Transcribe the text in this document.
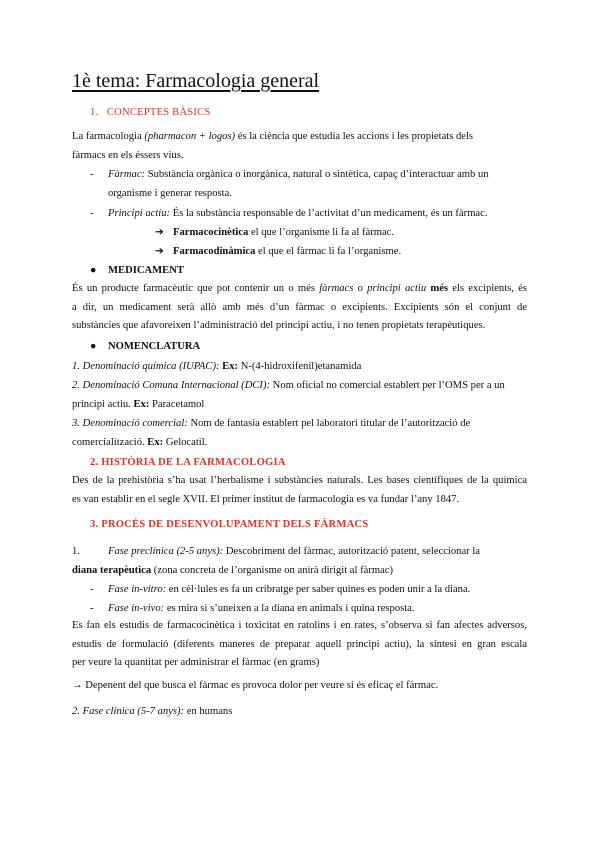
1è tema: Farmacologia general
1. CONCEPTES BÀSICS
La farmacologia (pharmacon + logos) és la ciència que estudia les accions i les propietats dels
fàrmacs en els éssers vius.
- Fàrmac: Substància orgànica o inorgànica, natural o sintètica, capaç d’interactuar amb un
organisme i generar resposta.
- Principi actiu: És la substància responsable de l’activitat d’un medicament, és un fàrmac.
➔ Farmacocinètica el que l’organisme li fa al fàrmac.
➔ Farmacodinàmica el que el fàrmac li fa l’organisme.
● MEDICAMENT

És un producte farmacèutic que pot contenir un o més fàrmacs o principi actiu més els excipients, és

a dir, un medicament serà allò amb més d’un fàrmac o excipients. Excipients són el conjunt de

substàncies que afavoreixen l’administració del principi actiu, i no tenen propietats terapèutiques.

● NOMENCLATURA
1. Denominació química (IUPAC): Ex: N-(4-hidroxifenil)etanamida
2. Denominació Comuna Internacional (DCI): Nom oficial no comercial establert per l’OMS per a un
principi actiu. Ex: Paracetamol
3. Denominació comercial: Nom de fantasia establert pel laboratori titular de l’autorització de
comercialització. Ex: Gelocatil.
2. HISTÒRIA DE LA FARMACOLOGIA

Des de la prehistòria s’ha usat l’herbalisme i substàncies naturals. Les bases científiques de la química

es van establir en el segle XVII. El primer institut de farmacologia es va fundar l’any 1847.

3. PROCÉS DE DESENVOLUPAMENT DELS FÀRMACS
1.	Fase preclínica (2-5 anys): Descobriment del fàrmac, autorització patent, seleccionar la
diana terapèutica (zona concreta de l’organisme on anirà dirigit al fàrmac)
- Fase in-vitro: en cèl·lules es fa un cribratge per saber quines es poden unir a la diana.
- Fase in-vivo: es mira si s’uneixen a la diana en animals i quina resposta.

Es fan els estudis de farmacocinètica i toxicitat en ratolins i en rates, s’observa si fan afectes adversos,

estudis de formulació (diferents maneres de preparar aquell principi actiu), la síntesi en gran escala

per veure la quantitat per administrar el fàrmac (en grams)

→ Depenent del que busca el fàrmac es provoca dolor per veure si és eficaç el fàrmac.
2. Fase clínica (5-7 anys): en humans
